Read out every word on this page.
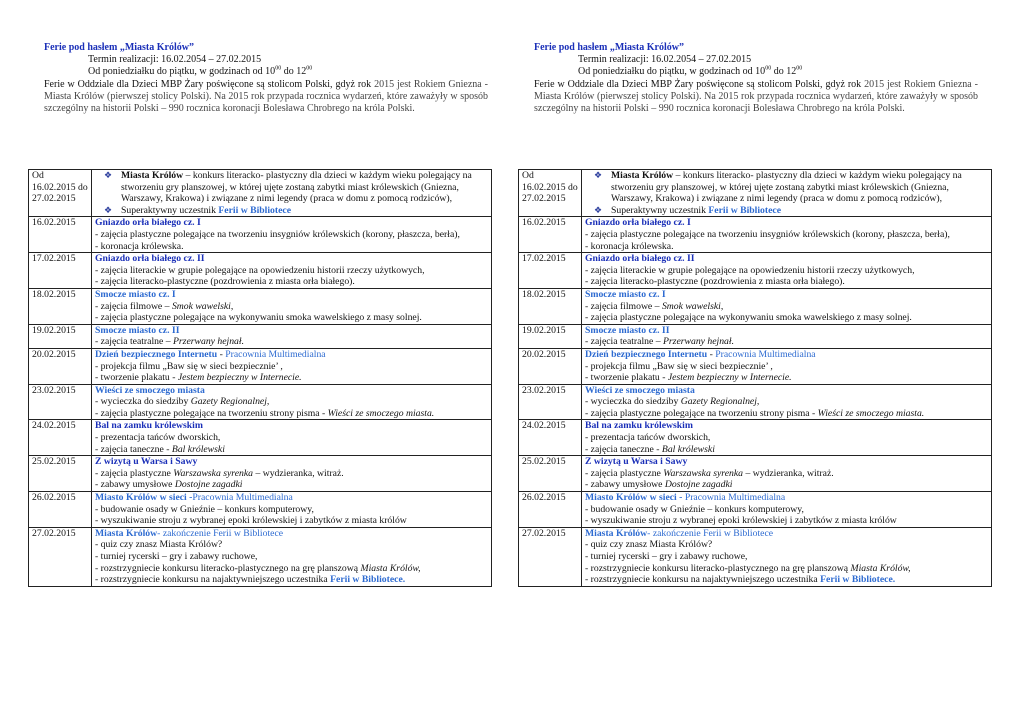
Ferie pod hasłem „Miasta Królów”
Termin realizacji: 16.02.2054 – 27.02.2015
Od poniedziałku do piątku, w godzinach od $10^{00}$ do $12^{00}$
Ferie w Oddziale dla Dzieci MBP Żary poświęcone są stolicom Polski, gdyż rok 2015 jest Rokiem Gniezna - Miasta Królów (pierwszej stolicy Polski). Na 2015 rok przypada rocznica wydarzeń, które zaważyły w sposób szczególny na historii Polski – 990 rocznica koronacji Bolesława Chrobrego na króla Polski.
Od 16.02.2015 do 27.02.2015	❖ Miasta Królów – konkurs literacko- plastyczny dla dzieci w każdym wieku polegający na stworzeniu gry planszowej, w której ujęte zostaną zabytki miast królewskich (Gniezna, Warszawy, Krakowa) i związane z nimi legendy (praca w domu z pomocą rodziców),
❖ Superaktywny uczestnik Ferii w Bibliotece

16.02.2015	Gniazdo orła białego cz. I
- zajęcia plastyczne polegające na tworzeniu insygniów królewskich (korony, płaszcza, berła),
- koronacja królewska.

17.02.2015	Gniazdo orła białego cz. II
- zajęcia literackie w grupie polegające na opowiedzeniu historii rzeczy użytkowych,
- zajęcia literacko-plastyczne (pozdrowienia z miasta orła białego).

18.02.2015	Smocze miasto cz. I
- zajęcia filmowe – Smok wawelski,
- zajęcia plastyczne polegające na wykonywaniu smoka wawelskiego z masy solnej.

19.02.2015	Smocze miasto cz. II
- zajęcia teatralne – Przerwany hejnał.

20.02.2015	Dzień bezpiecznego Internetu - Pracownia Multimedialna
- projekcja filmu „Baw się w sieci bezpiecznie’ ,
- tworzenie plakatu - Jestem bezpieczny w Internecie.

23.02.2015	Wieści ze smoczego miasta
- wycieczka do siedziby Gazety Regionalnej,
- zajęcia plastyczne polegające na tworzeniu strony pisma - Wieści ze smoczego miasta.

24.02.2015	Bal na zamku królewskim
- prezentacja tańców dworskich,
- zajęcia taneczne - Bal królewski

25.02.2015	Z wizytą u Warsa i Sawy
- zajęcia plastyczne Warszawska syrenka – wydzieranka, witraż.
- zabawy umysłowe Dostojne zagadki

26.02.2015	Miasto Królów w sieci -Pracownia Multimedialna
- budowanie osady w Gnieźnie – konkurs komputerowy,
- wyszukiwanie stroju z wybranej epoki królewskiej i zabytków z miasta królów

27.02.2015	Miasta Królów- zakończenie Ferii w Bibliotece
- quiz czy znasz Miasta Królów?
- turniej rycerski – gry i zabawy ruchowe,
- rozstrzygniecie konkursu literacko-plastycznego na grę planszową Miasta Królów,
- rozstrzygniecie konkursu na najaktywniejszego uczestnika Ferii w Bibliotece.
Ferie pod hasłem „Miasta Królów”
Termin realizacji: 16.02.2054 – 27.02.2015
Od poniedziałku do piątku, w godzinach od $10^{00}$ do $12^{00}$
Ferie w Oddziale dla Dzieci MBP Żary poświęcone są stolicom Polski, gdyż rok 2015 jest Rokiem Gniezna - Miasta Królów (pierwszej stolicy Polski). Na 2015 rok przypada rocznica wydarzeń, które zaważyły w sposób szczególny na historii Polski – 990 rocznica koronacji Bolesława Chrobrego na króla Polski.
Od 16.02.2015 do 27.02.2015	❖ Miasta Królów – konkurs literacko- plastyczny dla dzieci w każdym wieku polegający na stworzeniu gry planszowej, w której ujęte zostaną zabytki miast królewskich (Gniezna, Warszawy, Krakowa) i związane z nimi legendy (praca w domu z pomocą rodziców),
❖ Superaktywny uczestnik Ferii w Bibliotece

16.02.2015	Gniazdo orła białego cz. I
- zajęcia plastyczne polegające na tworzeniu insygniów królewskich (korony, płaszcza, berła),
- koronacja królewska.

17.02.2015	Gniazdo orła białego cz. II
- zajęcia literackie w grupie polegające na opowiedzeniu historii rzeczy użytkowych,
- zajęcia literacko-plastyczne (pozdrowienia z miasta orła białego).

18.02.2015	Smocze miasto cz. I
- zajęcia filmowe – Smok wawelski,
- zajęcia plastyczne polegające na wykonywaniu smoka wawelskiego z masy solnej.

19.02.2015	Smocze miasto cz. II
- zajęcia teatralne – Przerwany hejnał.

20.02.2015	Dzień bezpiecznego Internetu - Pracownia Multimedialna
- projekcja filmu „Baw się w sieci bezpiecznie’ ,
- tworzenie plakatu - Jestem bezpieczny w Internecie.

23.02.2015	Wieści ze smoczego miasta
- wycieczka do siedziby Gazety Regionalnej,
- zajęcia plastyczne polegające na tworzeniu strony pisma - Wieści ze smoczego miasta.

24.02.2015	Bal na zamku królewskim
- prezentacja tańców dworskich,
- zajęcia taneczne - Bal królewski

25.02.2015	Z wizytą u Warsa i Sawy
- zajęcia plastyczne Warszawska syrenka – wydzieranka, witraż.
- zabawy umysłowe Dostojne zagadki

26.02.2015	Miasto Królów w sieci - Pracownia Multimedialna
- budowanie osady w Gnieźnie – konkurs komputerowy,
- wyszukiwanie stroju z wybranej epoki królewskiej i zabytków z miasta królów

27.02.2015	Miasta Królów- zakończenie Ferii w Bibliotece
- quiz czy znasz Miasta Królów?
- turniej rycerski – gry i zabawy ruchowe,
- rozstrzygniecie konkursu literacko-plastycznego na grę planszową Miasta Królów,
- rozstrzygniecie konkursu na najaktywniejszego uczestnika Ferii w Bibliotece.
